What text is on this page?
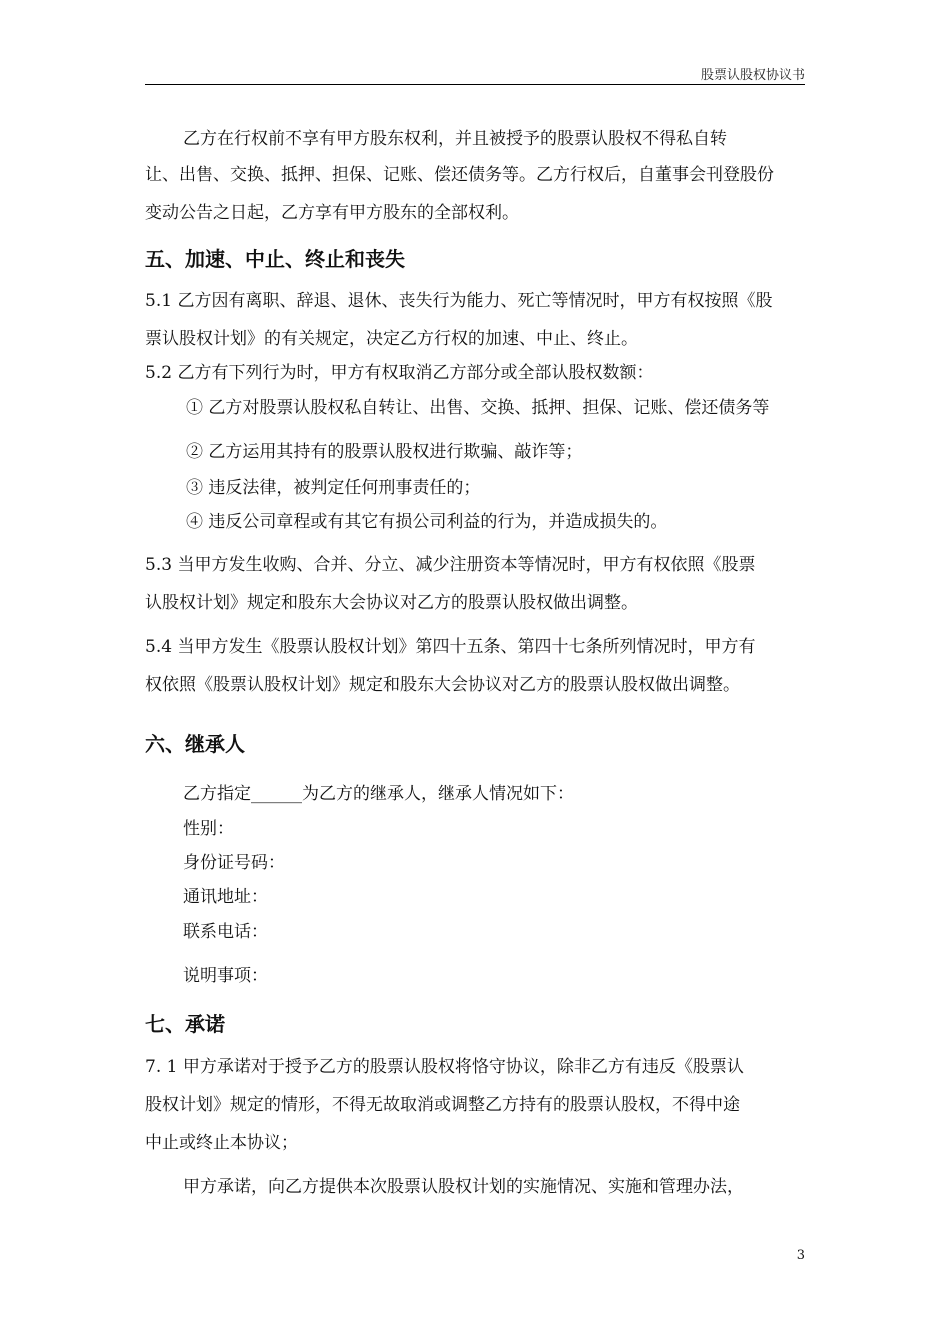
股票认股权协议书

乙方在行权前不享有甲方股东权利，并且被授予的股票认股权不得私自转

让、出售、交换、抵押、担保、记账、偿还债务等。乙方行权后，自董事会刊登股份

变动公告之日起，乙方享有甲方股东的全部权利。

五、加速、中止、终止和丧失

5.1 乙方因有离职、辞退、退休、丧失行为能力、死亡等情况时，甲方有权按照《股

票认股权计划》的有关规定，决定乙方行权的加速、中止、终止。

5.2 乙方有下列行为时，甲方有权取消乙方部分或全部认股权数额：

① 乙方对股票认股权私自转让、出售、交换、抵押、担保、记账、偿还债务等
② 乙方运用其持有的股票认股权进行欺骗、敲诈等；
③ 违反法律，被判定任何刑事责任的；
④ 违反公司章程或有其它有损公司利益的行为，并造成损失的。

5.3 当甲方发生收购、合并、分立、减少注册资本等情况时，甲方有权依照《股票

认股权计划》规定和股东大会协议对乙方的股票认股权做出调整。

5.4 当甲方发生《股票认股权计划》第四十五条、第四十七条所列情况时，甲方有

权依照《股票认股权计划》规定和股东大会协议对乙方的股票认股权做出调整。

六、继承人
乙方指定______为乙方的继承人，继承人情况如下：
性别：
身份证号码：
通讯地址：
联系电话：
说明事项：
七、承诺

7. 1 甲方承诺对于授予乙方的股票认股权将恪守协议，除非乙方有违反《股票认

股权计划》规定的情形，不得无故取消或调整乙方持有的股票认股权，不得中途

中止或终止本协议；

甲方承诺，向乙方提供本次股票认股权计划的实施情况、实施和管理办法，

3
